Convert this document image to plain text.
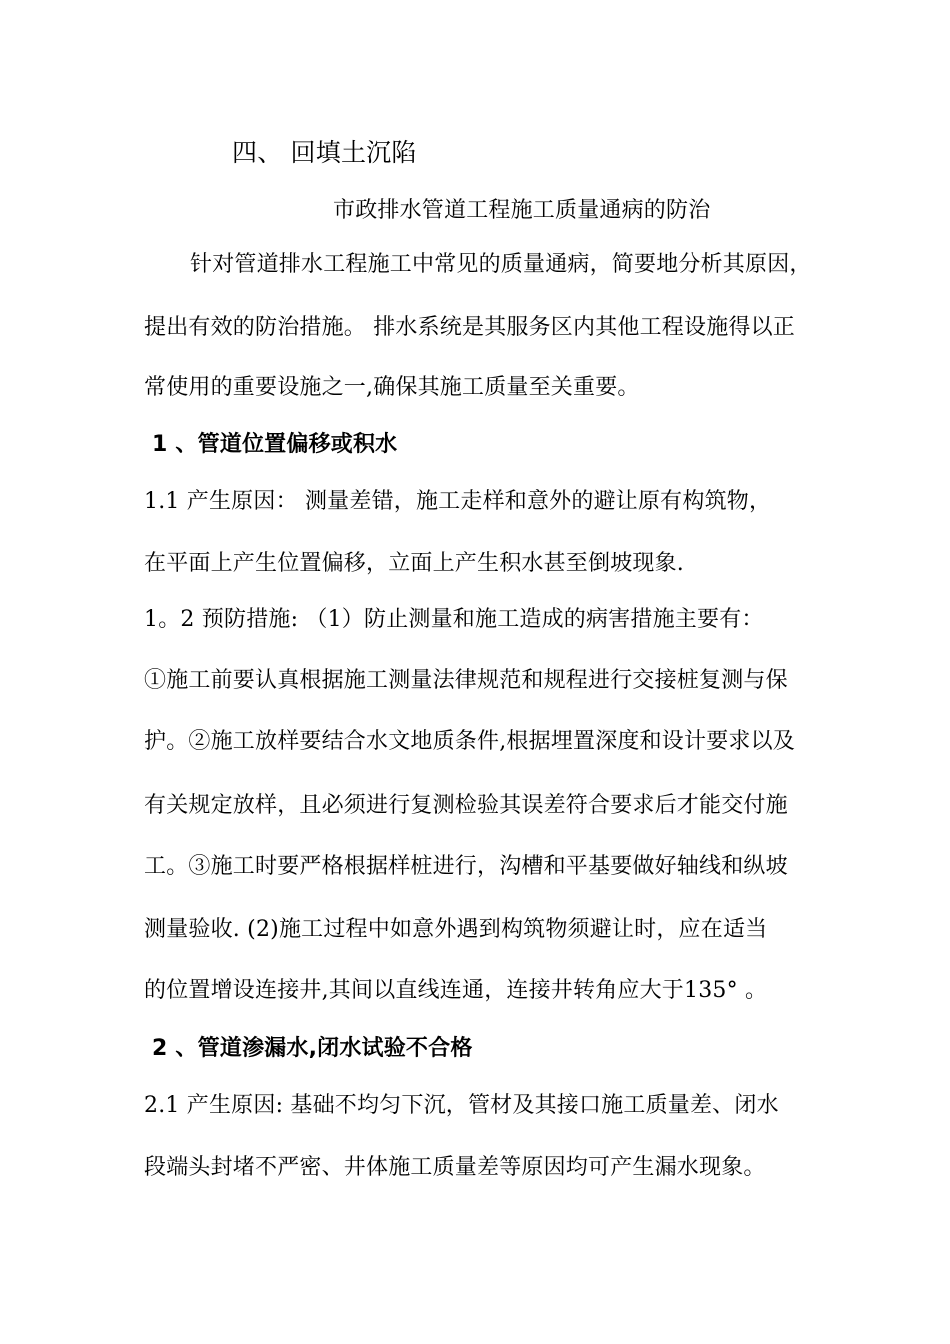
四、 回填土沉陷
市政排水管道工程施工质量通病的防治
针对管道排水工程施工中常见的质量通病，简要地分析其原因，
提出有效的防治措施。 排水系统是其服务区内其他工程设施得以正
常使用的重要设施之一,确保其施工质量至关重要。
1 、管道位置偏移或积水
1.1 产生原因： 测量差错，施工走样和意外的避让原有构筑物，
在平面上产生位置偏移，立面上产生积水甚至倒坡现象.
1。2 预防措施: （1）防止测量和施工造成的病害措施主要有：
①施工前要认真根据施工测量法律规范和规程进行交接桩复测与保
护。②施工放样要结合水文地质条件,根据埋置深度和设计要求以及
有关规定放样，且必须进行复测检验其误差符合要求后才能交付施
工。③施工时要严格根据样桩进行，沟槽和平基要做好轴线和纵坡
测量验收. (2)施工过程中如意外遇到构筑物须避让时，应在适当
的位置增设连接井,其间以直线连通，连接井转角应大于135° 。
2 、管道渗漏水,闭水试验不合格
2.1 产生原因: 基础不均匀下沉，管材及其接口施工质量差、闭水
段端头封堵不严密、井体施工质量差等原因均可产生漏水现象。
